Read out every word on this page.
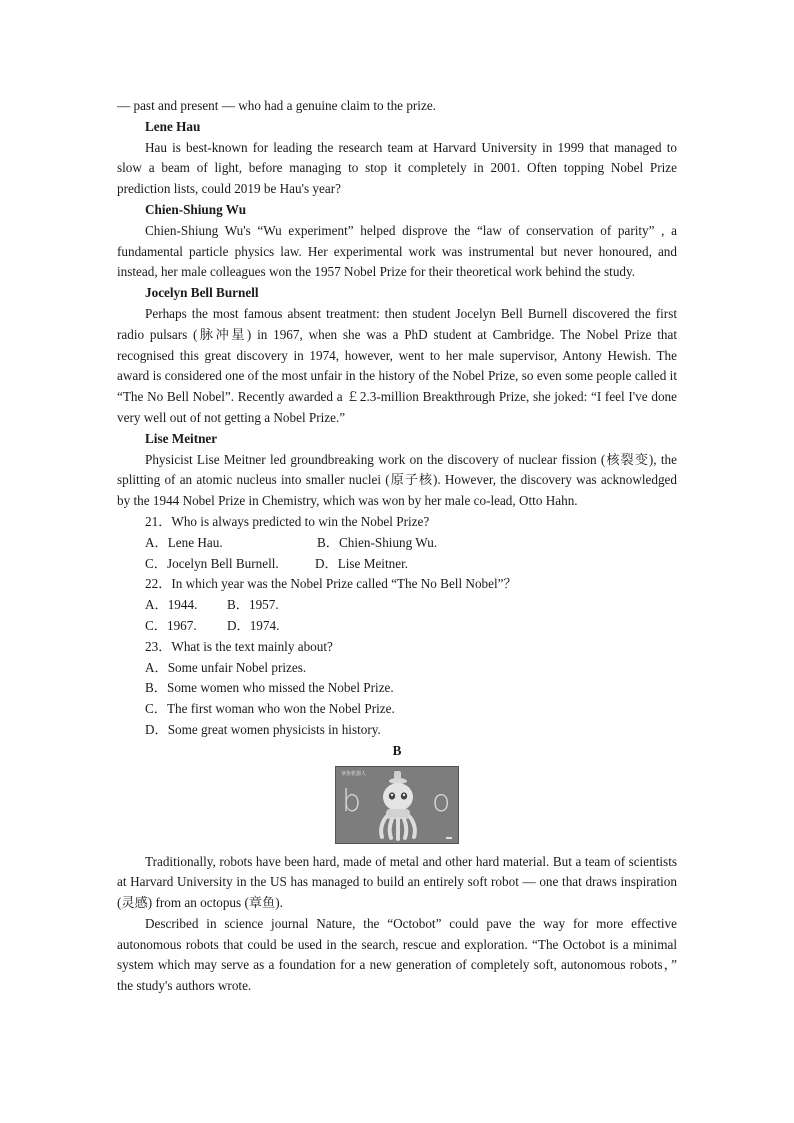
— past and present — who had a genuine claim to the prize.

Lene Hau

Hau is best-known for leading the research team at Harvard University in 1999 that managed to slow a beam of light, before managing to stop it completely in 2001. Often topping Nobel Prize prediction lists, could 2019 be Hau's year?

Chien-Shiung Wu

Chien-Shiung Wu's “Wu experiment” helped disprove the “law of conservation of parity” , a fundamental particle physics law. Her experimental work was instrumental but never honoured, and instead, her male colleagues won the 1957 Nobel Prize for their theoretical work behind the study.

Jocelyn Bell Burnell

Perhaps the most famous absent treatment: then student Jocelyn Bell Burnell discovered the first radio pulsars (脉冲星) in 1967, when she was a PhD student at Cambridge. The Nobel Prize that recognised this great discovery in 1974, however, went to her male supervisor, Antony Hewish. The award is considered one of the most unfair in the history of the Nobel Prize, so even some people called it “The No Bell Nobel”. Recently awarded a ￡2.3-million Breakthrough Prize, she joked: “I feel I've done very well out of not getting a Nobel Prize.”

Lise Meitner

Physicist Lise Meitner led groundbreaking work on the discovery of nuclear fission (核裂变), the splitting of an atomic nucleus into smaller nuclei (原子核). However, the discovery was acknowledged by the 1944 Nobel Prize in Chemistry, which was won by her male co-lead, Otto Hahn.

21．Who is always predicted to win the Nobel Prize?

A．Lene Hau.	B．Chien-Shiung Wu.

C．Jocelyn Bell Burnell.	D．Lise Meitner.

22．In which year was the Nobel Prize called “The No Bell Nobel”？

A．1944. B．1957.

C．1967. D．1974.

23．What is the text mainly about?

A．Some unfair Nobel prizes.

B．Some women who missed the Nobel Prize.

C．The first woman who won the Nobel Prize.

D．Some great women physicists in history.

B

章鱼机器人
b o

Traditionally, robots have been hard, made of metal and other hard material. But a team of scientists at Harvard University in the US has managed to build an entirely soft robot — one that draws inspiration (灵感) from an octopus (章鱼).

Described in science journal Nature, the “Octobot” could pave the way for more effective autonomous robots that could be used in the search, rescue and exploration. “The Octobot is a minimal system which may serve as a foundation for a new generation of completely soft, autonomous robots，” the study's authors wrote.
